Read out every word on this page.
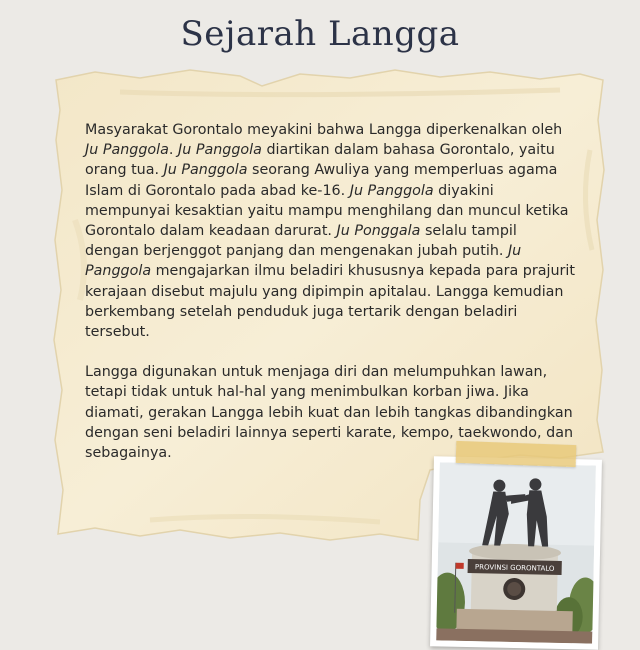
Sejarah Langga

Masyarakat Gorontalo meyakini bahwa Langga diperkenalkan oleh Ju Panggola. Ju Panggola diartikan dalam bahasa Gorontalo, yaitu orang tua. Ju Panggola seorang Awuliya yang memperluas agama Islam di Gorontalo pada abad ke-16. Ju Panggola diyakini mempunyai kesaktian yaitu mampu menghilang dan muncul ketika Gorontalo dalam keadaan darurat. Ju Ponggala selalu tampil dengan berjenggot panjang dan mengenakan jubah putih. Ju Panggola mengajarkan ilmu beladiri khususnya kepada para prajurit kerajaan disebut majulu yang dipimpin apitalau. Langga kemudian berkembang setelah penduduk juga tertarik dengan beladiri tersebut.

Langga digunakan untuk menjaga diri dan melumpuhkan lawan, tetapi tidak untuk hal-hal yang menimbulkan korban jiwa. Jika diamati, gerakan Langga lebih kuat dan lebih tangkas dibandingkan dengan seni beladiri lainnya seperti karate, kempo, taekwondo, dan sebagainya.

PROVINSI GORONTALO
